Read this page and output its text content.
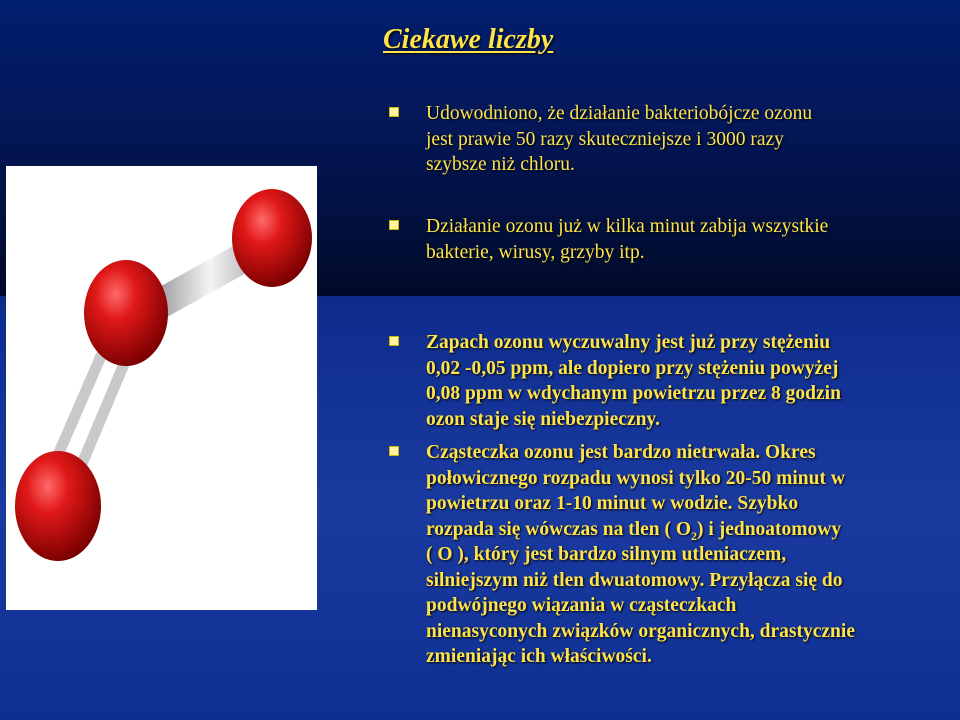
Ciekawe liczby

Udowodniono, że działanie bakteriobójcze ozonu
jest prawie 50 razy skuteczniejsze i 3000 razy
szybsze niż chloru.

Działanie ozonu już w kilka minut zabija wszystkie
bakterie, wirusy, grzyby itp.

Zapach ozonu wyczuwalny jest już przy stężeniu
0,02 -0,05 ppm, ale dopiero przy stężeniu powyżej
0,08 ppm w wdychanym powietrzu przez 8 godzin
ozon staje się niebezpieczny.

Cząsteczka ozonu jest bardzo nietrwała. Okres
połowicznego rozpadu wynosi tylko 20-50 minut w
powietrzu oraz 1-10 minut w wodzie. Szybko
rozpada się wówczas na tlen ( $O_2$) i jednoatomowy
( O ), który jest bardzo silnym utleniaczem,
silniejszym niż tlen dwuatomowy. Przyłącza się do
podwójnego wiązania w cząsteczkach
nienasyconych związków organicznych, drastycznie
zmieniając ich właściwości.
